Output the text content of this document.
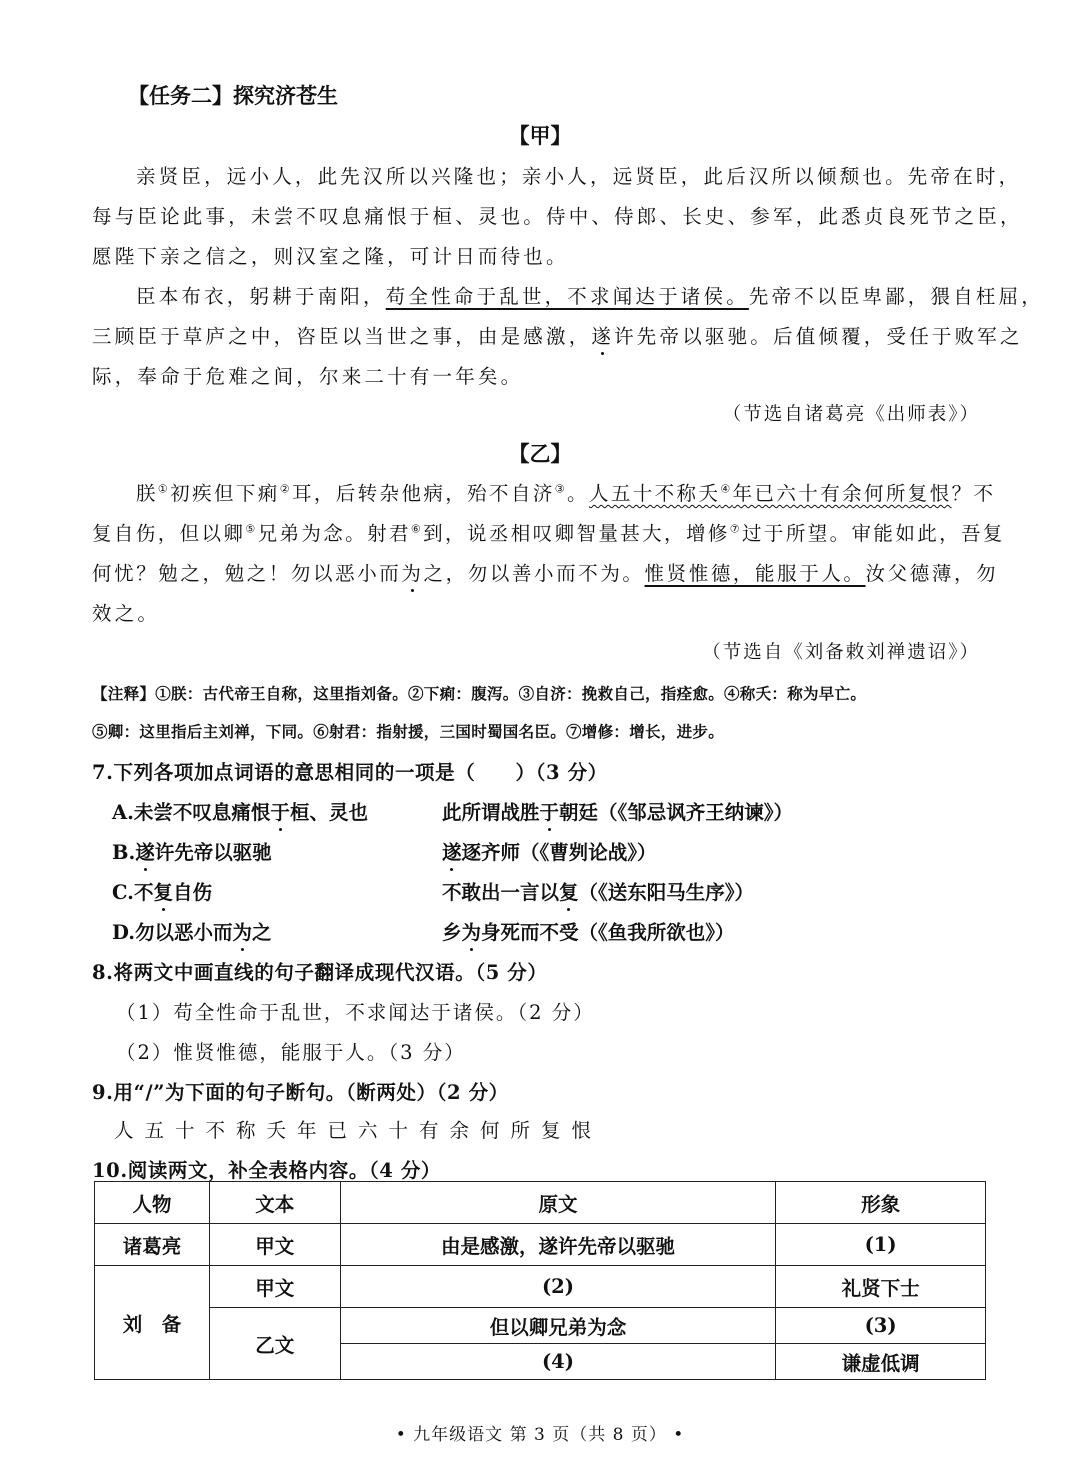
【任务二】探究济苍生
【甲】
亲贤臣，远小人，此先汉所以兴隆也；亲小人，远贤臣，此后汉所以倾颓也。先帝在时，
每与臣论此事，未尝不叹息痛恨于桓、灵也。侍中、侍郎、长史、参军，此悉贞良死节之臣，
愿陛下亲之信之，则汉室之隆，可计日而待也。
臣本布衣，躬耕于南阳，苟全性命于乱世，不求闻达于诸侯。先帝不以臣卑鄙，猥自枉屈，
三顾臣于草庐之中，咨臣以当世之事，由是感激，遂许先帝以驱驰。后值倾覆，受任于败军之
际，奉命于危难之间，尔来二十有一年矣。
（节选自诸葛亮《出师表》）
【乙】
朕①初疾但下痢②耳，后转杂他病，殆不自济③。人五十不称夭④年已六十有余何所复恨？不
复自伤，但以卿⑤兄弟为念。射君⑥到，说丞相叹卿智量甚大，增修⑦过于所望。审能如此，吾复
何忧？勉之，勉之！勿以恶小而为之，勿以善小而不为。惟贤惟德，能服于人。汝父德薄，勿
效之。
（节选自《刘备敕刘禅遗诏》）
【注释】①朕：古代帝王自称，这里指刘备。②下痢：腹泻。③自济：挽救自己，指痊愈。④称夭：称为早亡。
⑤卿：这里指后主刘禅，下同。⑥射君：指射援，三国时蜀国名臣。⑦增修：增长，进步。
7.下列各项加点词语的意思相同的一项是（　　）（3 分）
A.未尝不叹息痛恨于桓、灵也	此所谓战胜于朝廷（《邹忌讽齐王纳谏》）
B.遂许先帝以驱驰	遂逐齐师（《曹刿论战》）
C.不复自伤	不敢出一言以复（《送东阳马生序》）
D.勿以恶小而为之	乡为身死而不受（《鱼我所欲也》）
8.将两文中画直线的句子翻译成现代汉语。（5 分）
（1）苟全性命于乱世，不求闻达于诸侯。（2 分）
（2）惟贤惟德，能服于人。（3 分）
9.用“/”为下面的句子断句。（断两处）（2 分）
人五十不称夭年已六十有余何所复恨
10.阅读两文，补全表格内容。（4 分）
人物	文本	原文	形象
诸葛亮	甲文	由是感激，遂许先帝以驱驰	(1)
刘　备	甲文	(2)	礼贤下士
	乙文	但以卿兄弟为念	(3)
		(4)	谦虚低调
• 九年级语文 第 3 页（共 8 页） •
